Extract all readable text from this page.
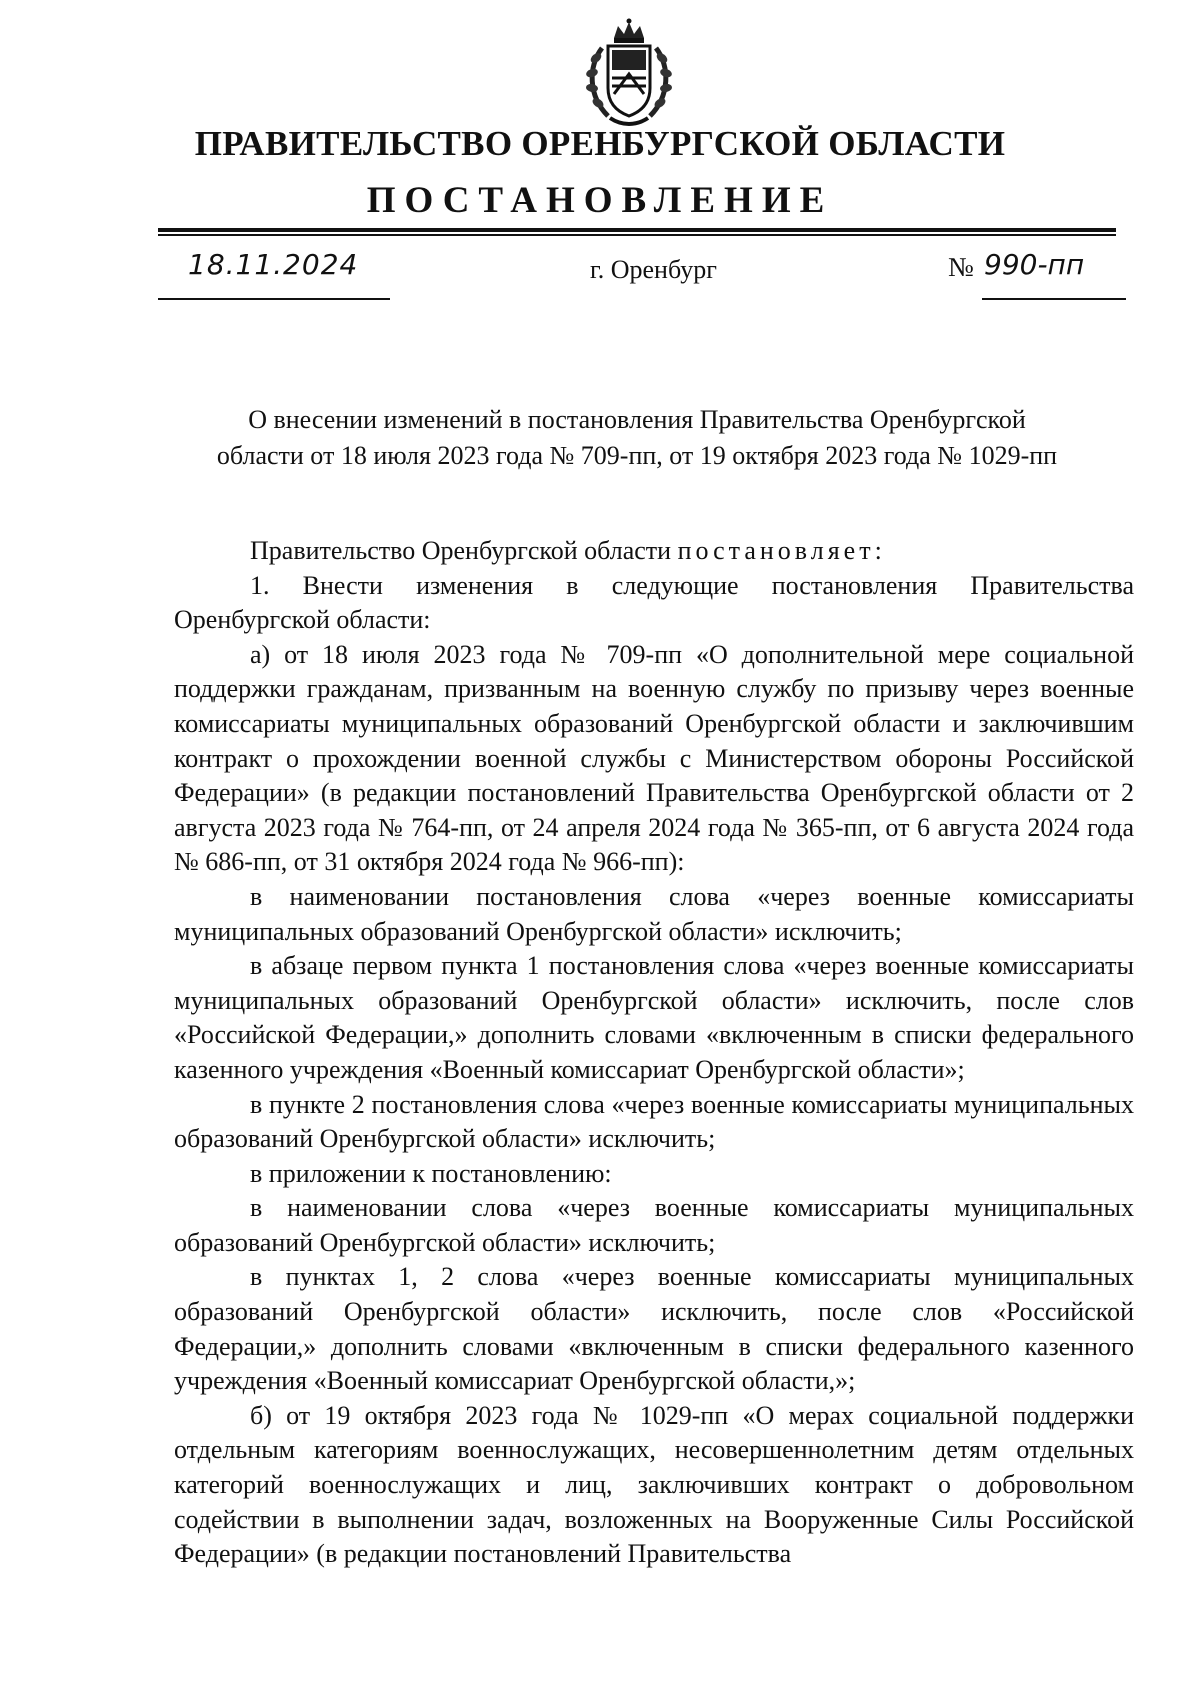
ПРАВИТЕЛЬСТВО ОРЕНБУРГСКОЙ ОБЛАСТИ
ПОСТАНОВЛЕНИЕ
18.11.2024	г. Оренбург	№ 990-пп
О внесении изменений в постановления Правительства Оренбургской
области от 18 июля 2023 года № 709-пп, от 19 октября 2023 года № 1029-пп

Правительство Оренбургской области постановляет:

1. Внести изменения в следующие постановления Правительства Оренбургской области:

а) от 18 июля 2023 года № 709-пп «О дополнительной мере социальной поддержки гражданам, призванным на военную службу по призыву через военные комиссариаты муниципальных образований Оренбургской области и заключившим контракт о прохождении военной службы с Министерством обороны Российской Федерации» (в редакции постановлений Правительства Оренбургской области от 2 августа 2023 года № 764-пп, от 24 апреля 2024 года № 365-пп, от 6 августа 2024 года № 686-пп, от 31 октября 2024 года № 966-пп):

в наименовании постановления слова «через военные комиссариаты муниципальных образований Оренбургской области» исключить;

в абзаце первом пункта 1 постановления слова «через военные комиссариаты муниципальных образований Оренбургской области» исключить, после слов «Российской Федерации,» дополнить словами «включенным в списки федерального казенного учреждения «Военный комиссариат Оренбургской области»;

в пункте 2 постановления слова «через военные комиссариаты муниципальных образований Оренбургской области» исключить;

в приложении к постановлению:

в наименовании слова «через военные комиссариаты муниципальных образований Оренбургской области» исключить;

в пунктах 1, 2 слова «через военные комиссариаты муниципальных образований Оренбургской области» исключить, после слов «Российской Федерации,» дополнить словами «включенным в списки федерального казенного учреждения «Военный комиссариат Оренбургской области,»;

б) от 19 октября 2023 года № 1029-пп «О мерах социальной поддержки отдельным категориям военнослужащих, несовершеннолетним детям отдельных категорий военнослужащих и лиц, заключивших контракт о добровольном содействии в выполнении задач, возложенных на Вооруженные Силы Российской Федерации» (в редакции постановлений Правительства
